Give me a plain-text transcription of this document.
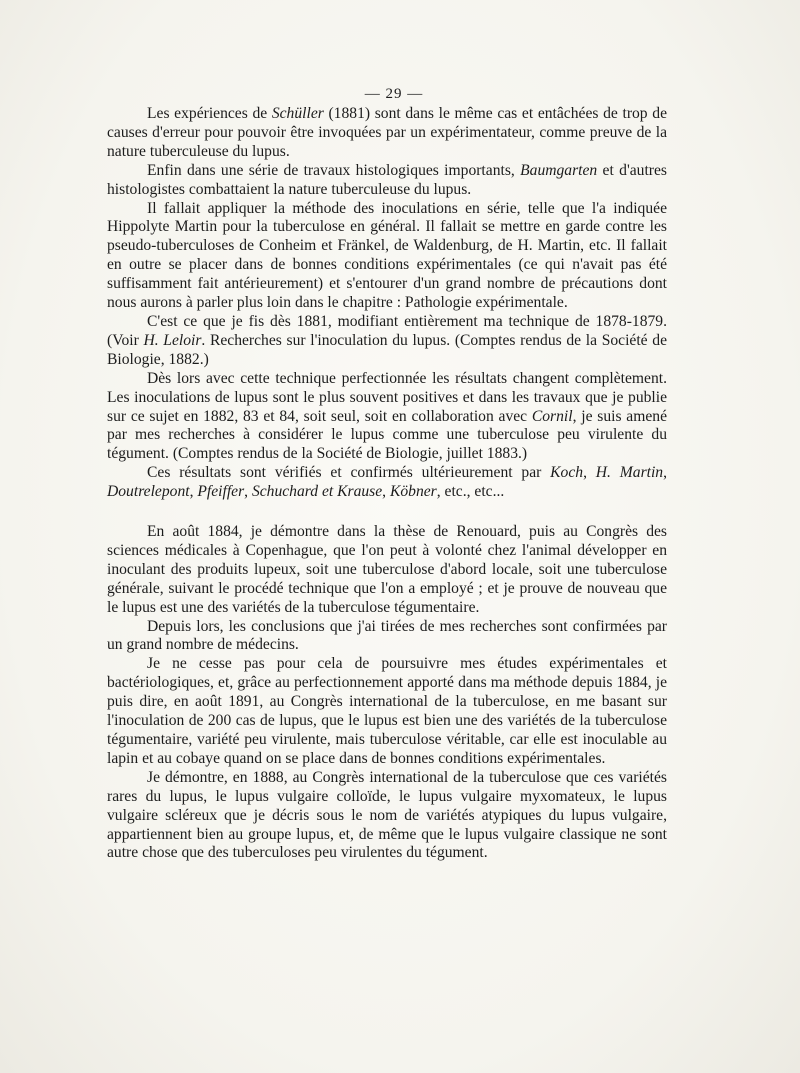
— 29 —

Les expériences de Schüller (1881) sont dans le même cas et entâchées de trop de causes d'erreur pour pouvoir être invoquées par un expérimentateur, comme preuve de la nature tuberculeuse du lupus.

Enfin dans une série de travaux histologiques importants, Baumgarten et d'autres histologistes combattaient la nature tuberculeuse du lupus.

Il fallait appliquer la méthode des inoculations en série, telle que l'a indiquée Hippolyte Martin pour la tuberculose en général. Il fallait se mettre en garde contre les pseudo-tuberculoses de Conheim et Fränkel, de Waldenburg, de H. Martin, etc. Il fallait en outre se placer dans de bonnes conditions expérimentales (ce qui n'avait pas été suffisamment fait antérieurement) et s'entourer d'un grand nombre de précautions dont nous aurons à parler plus loin dans le chapitre : Pathologie expérimentale.

C'est ce que je fis dès 1881, modifiant entièrement ma technique de 1878-1879. (Voir H. Leloir. Recherches sur l'inoculation du lupus. (Comptes rendus de la Société de Biologie, 1882.)

Dès lors avec cette technique perfectionnée les résultats changent complètement. Les inoculations de lupus sont le plus souvent positives et dans les travaux que je publie sur ce sujet en 1882, 83 et 84, soit seul, soit en collaboration avec Cornil, je suis amené par mes recherches à considérer le lupus comme une tuberculose peu virulente du tégument. (Comptes rendus de la Société de Biologie, juillet 1883.)

Ces résultats sont vérifiés et confirmés ultérieurement par Koch, H. Martin, Doutrelepont, Pfeiffer, Schuchard et Krause, Köbner, etc., etc...

En août 1884, je démontre dans la thèse de Renouard, puis au Congrès des sciences médicales à Copenhague, que l'on peut à volonté chez l'animal développer en inoculant des produits lupeux, soit une tuberculose d'abord locale, soit une tuberculose générale, suivant le procédé technique que l'on a employé ; et je prouve de nouveau que le lupus est une des variétés de la tuberculose tégumentaire.

Depuis lors, les conclusions que j'ai tirées de mes recherches sont confirmées par un grand nombre de médecins.

Je ne cesse pas pour cela de poursuivre mes études expérimentales et bactériologiques, et, grâce au perfectionnement apporté dans ma méthode depuis 1884, je puis dire, en août 1891, au Congrès international de la tuberculose, en me basant sur l'inoculation de 200 cas de lupus, que le lupus est bien une des variétés de la tuberculose tégumentaire, variété peu virulente, mais tuberculose véritable, car elle est inoculable au lapin et au cobaye quand on se place dans de bonnes conditions expérimentales.

Je démontre, en 1888, au Congrès international de la tuberculose que ces variétés rares du lupus, le lupus vulgaire colloïde, le lupus vulgaire myxomateux, le lupus vulgaire scléreux que je décris sous le nom de variétés atypiques du lupus vulgaire, appartiennent bien au groupe lupus, et, de même que le lupus vulgaire classique ne sont autre chose que des tuberculoses peu virulentes du tégument.
